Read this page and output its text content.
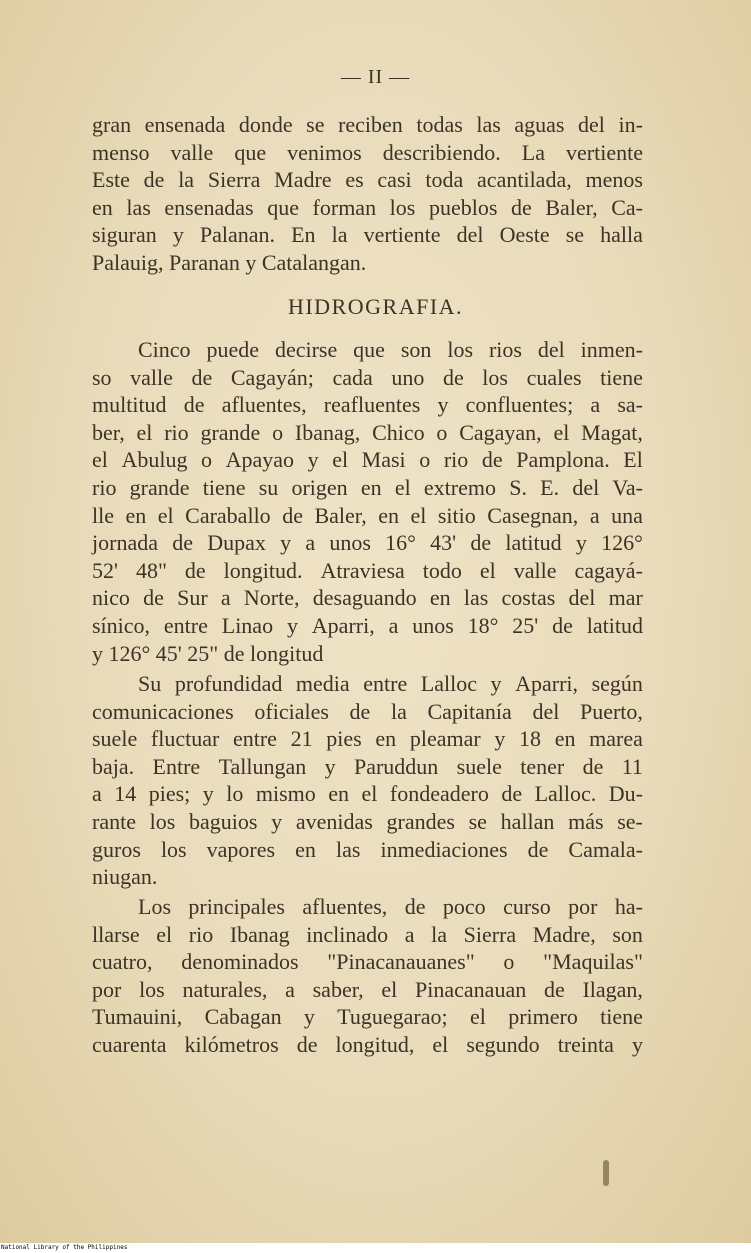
— II —
gran ensenada donde se reciben todas las aguas del in-
menso valle que venimos describiendo. La vertiente
Este de la Sierra Madre es casi toda acantilada, menos
en las ensenadas que forman los pueblos de Baler, Ca-
siguran y Palanan. En la vertiente del Oeste se halla
Palauig, Paranan y Catalangan.
HIDROGRAFIA.
Cinco puede decirse que son los rios del inmen-
so valle de Cagayán; cada uno de los cuales tiene
multitud de afluentes, reafluentes y confluentes; a sa-
ber, el rio grande o Ibanag, Chico o Cagayan, el Magat,
el Abulug o Apayao y el Masi o rio de Pamplona. El
rio grande tiene su origen en el extremo S. E. del Va-
lle en el Caraballo de Baler, en el sitio Casegnan, a una
jornada de Dupax y a unos 16° 43' de latitud y 126°
52' 48" de longitud. Atraviesa todo el valle cagayá-
nico de Sur a Norte, desaguando en las costas del mar
sínico, entre Linao y Aparri, a unos 18° 25' de latitud
y 126° 45' 25" de longitud
Su profundidad media entre Lalloc y Aparri, según
comunicaciones oficiales de la Capitanía del Puerto,
suele fluctuar entre 21 pies en pleamar y 18 en marea
baja. Entre Tallungan y Paruddun suele tener de 11
a 14 pies; y lo mismo en el fondeadero de Lalloc. Du-
rante los baguios y avenidas grandes se hallan más se-
guros los vapores en las inmediaciones de Camala-
niugan.
Los principales afluentes, de poco curso por ha-
llarse el rio Ibanag inclinado a la Sierra Madre, son
cuatro, denominados "Pinacanauanes" o "Maquilas"
por los naturales, a saber, el Pinacanauan de Ilagan,
Tumauini, Cabagan y Tuguegarao; el primero tiene
cuarenta kilómetros de longitud, el segundo treinta y
National Library of the Philippines
